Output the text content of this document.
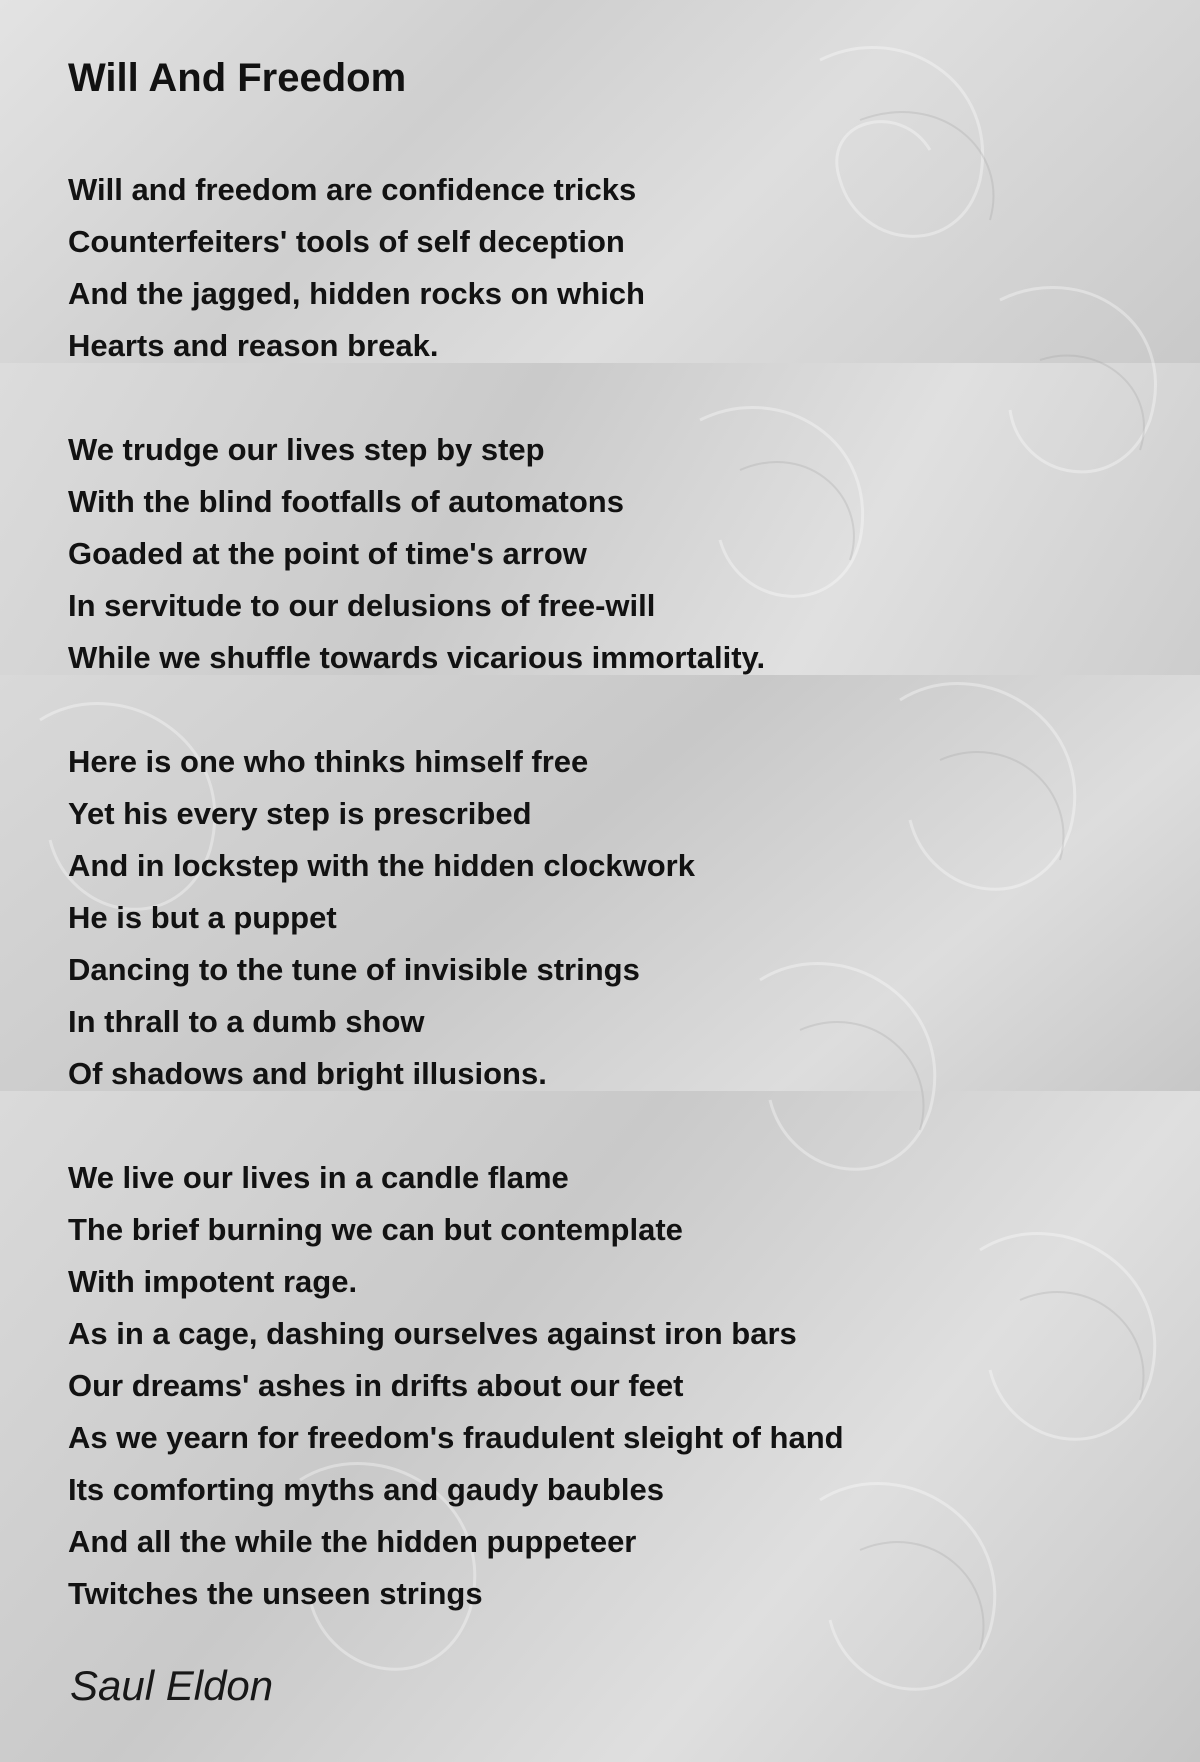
Will And Freedom
Will and freedom are confidence tricks
Counterfeiters' tools of self deception
And the jagged, hidden rocks on which
Hearts and reason break.
We trudge our lives step by step
With the blind footfalls of automatons
Goaded at the point of time's arrow
In servitude to our delusions of free-will
While we shuffle towards vicarious immortality.
Here is one who thinks himself free
Yet his every step is prescribed
And in lockstep with the hidden clockwork
He is but a puppet
Dancing to the tune of invisible strings
In thrall to a dumb show
Of shadows and bright illusions.
We live our lives in a candle flame
The brief burning we can but contemplate
With impotent rage.
As in a cage, dashing ourselves against iron bars
Our dreams' ashes in drifts about our feet
As we yearn for freedom's fraudulent sleight of hand
Its comforting myths and gaudy baubles
And all the while the hidden puppeteer
Twitches the unseen strings
Saul Eldon
